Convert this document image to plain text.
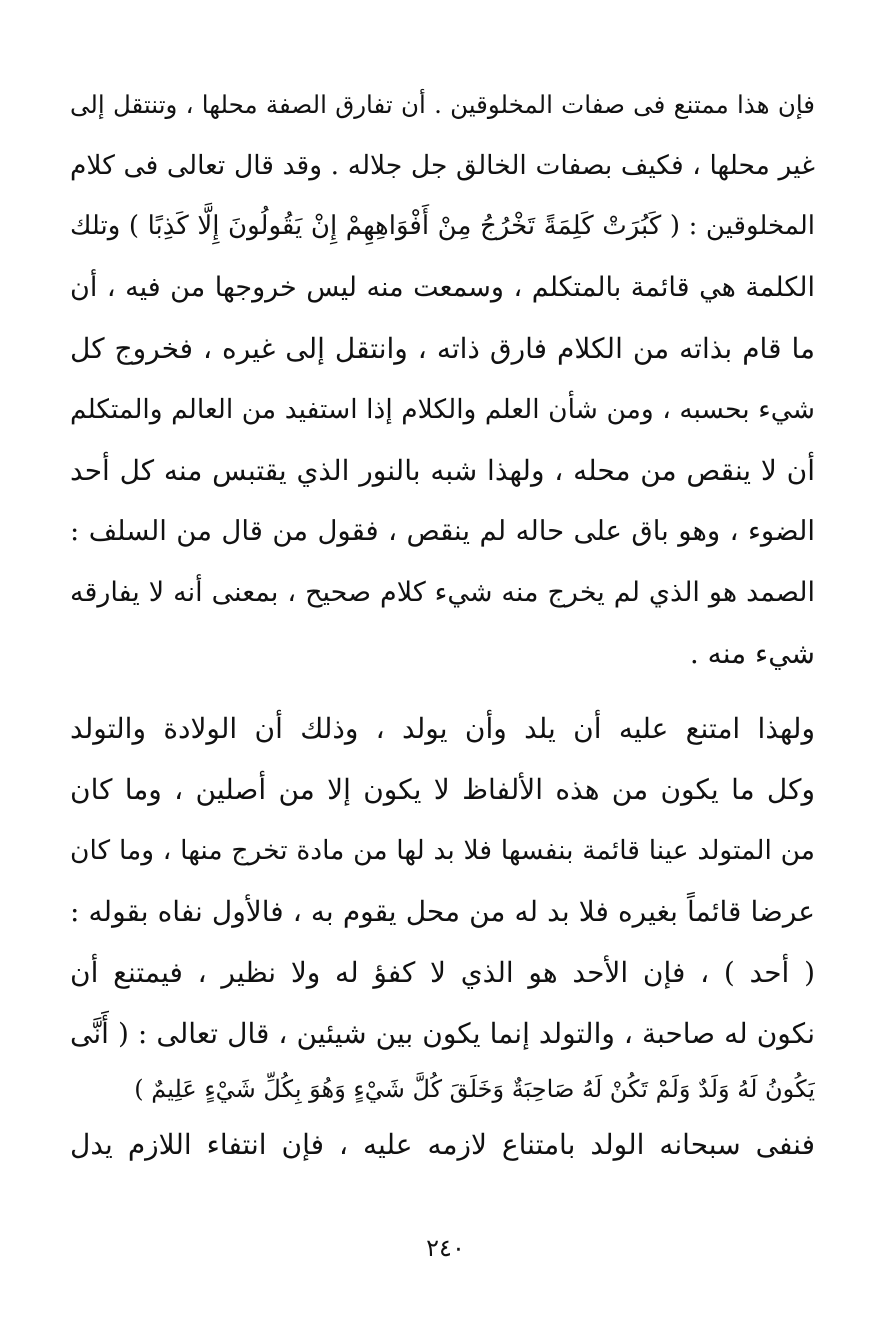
فإن هذا ممتنع فى صفات المخلوقين . أن تفارق الصفة محلها ، وتنتقل إلى
غير محلها ، فكيف بصفات الخالق جل جلاله . وقد قال تعالى فى كلام
المخلوقين : ( كَبُرَتْ كَلِمَةً تَخْرُجُ مِنْ أَفْوَاهِهِمْ إِنْ يَقُولُونَ إِلَّا كَذِبًا ) وتلك
الكلمة هي قائمة بالمتكلم ، وسمعت منه ليس خروجها من فيه ، أن
ما قام بذاته من الكلام فارق ذاته ، وانتقل إلى غيره ، فخروج كل
شيء بحسبه ، ومن شأن العلم والكلام إذا استفيد من العالم والمتكلم
أن لا ينقص من محله ، ولهذا شبه بالنور الذي يقتبس منه كل أحد
الضوء ، وهو باق على حاله لم ينقص ، فقول من قال من السلف :
الصمد هو الذي لم يخرج منه شيء كلام صحيح ، بمعنى أنه لا يفارقه
شيء منه .
ولهذا امتنع عليه أن يلد وأن يولد ، وذلك أن الولادة والتولد
وكل ما يكون من هذه الألفاظ لا يكون إلا من أصلين ، وما كان
من المتولد عينا قائمة بنفسها فلا بد لها من مادة تخرج منها ، وما كان
عرضا قائماً بغيره فلا بد له من محل يقوم به ، فالأول نفاه بقوله :
( أحد ) ، فإن الأحد هو الذي لا كفؤ له ولا نظير ، فيمتنع أن
نكون له صاحبة ، والتولد إنما يكون بين شيئين ، قال تعالى : ( أَنَّى
يَكُونُ لَهُ وَلَدٌ وَلَمْ تَكُنْ لَهُ صَاحِبَةٌ وَخَلَقَ كُلَّ شَيْءٍ وَهُوَ بِكُلِّ شَيْءٍ عَلِيمٌ )
فنفى سبحانه الولد بامتناع لازمه عليه ، فإن انتفاء اللازم يدل
٢٤٠
